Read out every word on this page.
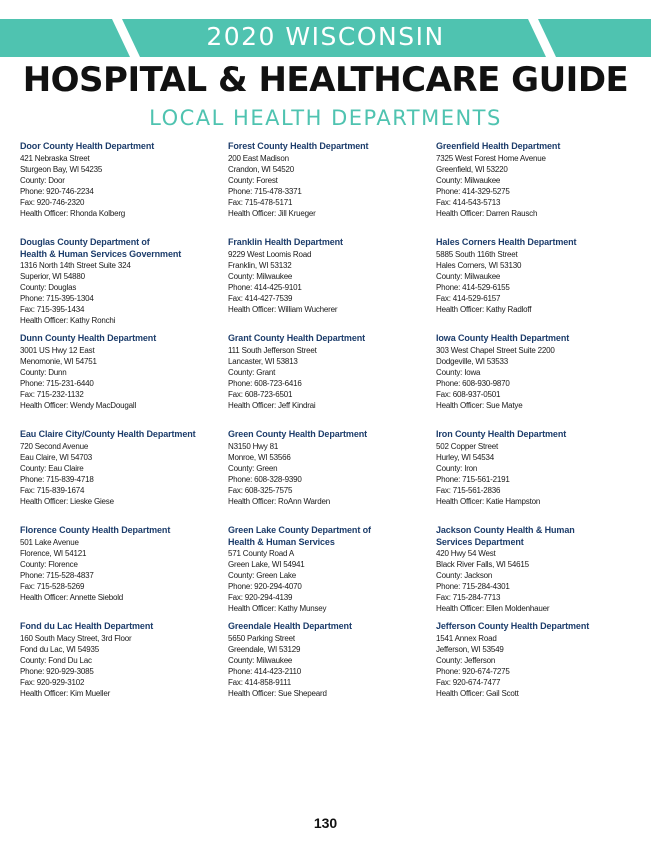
2020 WISCONSIN
HOSPITAL & HEALTHCARE GUIDE
LOCAL HEALTH DEPARTMENTS
Door County Health Department
421 Nebraska Street
Sturgeon Bay, WI 54235
County: Door
Phone: 920-746-2234
Fax: 920-746-2320
Health Officer: Rhonda Kolberg
Douglas County Department of
Health & Human Services Government
1316 North 14th Street Suite 324
Superior, WI 54880
County: Douglas
Phone: 715-395-1304
Fax: 715-395-1434
Health Officer: Kathy Ronchi
Dunn County Health Department
3001 US Hwy 12 East
Menomonie, WI 54751
County: Dunn
Phone: 715-231-6440
Fax: 715-232-1132
Health Officer: Wendy MacDougall
Eau Claire City/County Health Department
720 Second Avenue
Eau Claire, WI 54703
County: Eau Claire
Phone: 715-839-4718
Fax: 715-839-1674
Health Officer: Lieske Giese
Florence County Health Department
501 Lake Avenue
Florence, WI 54121
County: Florence
Phone: 715-528-4837
Fax: 715-528-5269
Health Officer: Annette Siebold
Fond du Lac Health Department
160 South Macy Street, 3rd Floor
Fond du Lac, WI 54935
County: Fond Du Lac
Phone: 920-929-3085
Fax: 920-929-3102
Health Officer: Kim Mueller
Forest County Health Department
200 East Madison
Crandon, WI 54520
County: Forest
Phone: 715-478-3371
Fax: 715-478-5171
Health Officer: Jill Krueger
Franklin Health Department
9229 West Loomis Road
Franklin, WI 53132
County: Milwaukee
Phone: 414-425-9101
Fax: 414-427-7539
Health Officer: William Wucherer
Grant County Health Department
111 South Jefferson Street
Lancaster, WI 53813
County: Grant
Phone: 608-723-6416
Fax: 608-723-6501
Health Officer: Jeff Kindrai
Green County Health Department
N3150 Hwy 81
Monroe, WI 53566
County: Green
Phone: 608-328-9390
Fax: 608-325-7575
Health Officer: RoAnn Warden
Green Lake County Department of
Health & Human Services
571 County Road A
Green Lake, WI 54941
County: Green Lake
Phone: 920-294-4070
Fax: 920-294-4139
Health Officer: Kathy Munsey
Greendale Health Department
5650 Parking Street
Greendale, WI 53129
County: Milwaukee
Phone: 414-423-2110
Fax: 414-858-9111
Health Officer: Sue Shepeard
Greenfield Health Department
7325 West Forest Home Avenue
Greenfield, WI 53220
County: Milwaukee
Phone: 414-329-5275
Fax: 414-543-5713
Health Officer: Darren Rausch
Hales Corners Health Department
5885 South 116th Street
Hales Corners, WI 53130
County: Milwaukee
Phone: 414-529-6155
Fax: 414-529-6157
Health Officer: Kathy Radloff
Iowa County Health Department
303 West Chapel Street Suite 2200
Dodgeville, WI 53533
County: Iowa
Phone: 608-930-9870
Fax: 608-937-0501
Health Officer: Sue Matye
Iron County Health Department
502 Copper Street
Hurley, WI 54534
County: Iron
Phone: 715-561-2191
Fax: 715-561-2836
Health Officer: Katie Hampston
Jackson County Health & Human
Services Department
420 Hwy 54 West
Black River Falls, WI 54615
County: Jackson
Phone: 715-284-4301
Fax: 715-284-7713
Health Officer: Ellen Moldenhauer
Jefferson County Health Department
1541 Annex Road
Jefferson, WI 53549
County: Jefferson
Phone: 920-674-7275
Fax: 920-674-7477
Health Officer: Gail Scott
130
